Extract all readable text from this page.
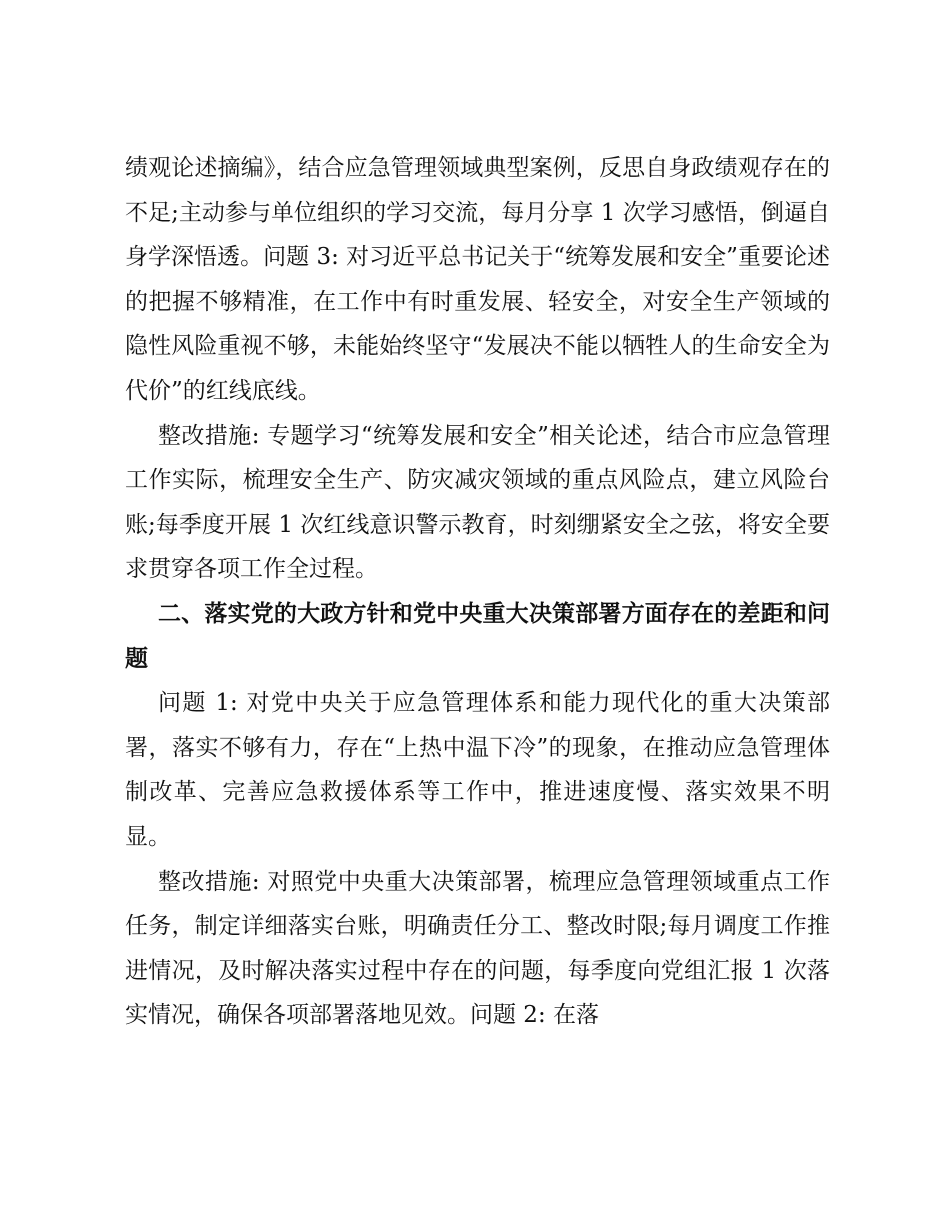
绩观论述摘编》，结合应急管理领域典型案例，反思自身政绩观存在的不足;主动参与单位组织的学习交流，每月分享 1 次学习感悟，倒逼自身学深悟透。问题 3: 对习近平总书记关于“统筹发展和安全”重要论述的把握不够精准，在工作中有时重发展、轻安全，对安全生产领域的隐性风险重视不够，未能始终坚守“发展决不能以牺牲人的生命安全为代价”的红线底线。

整改措施: 专题学习“统筹发展和安全”相关论述，结合市应急管理工作实际，梳理安全生产、防灾减灾领域的重点风险点，建立风险台账;每季度开展 1 次红线意识警示教育，时刻绷紧安全之弦，将安全要求贯穿各项工作全过程。

二、落实党的大政方针和党中央重大决策部署方面存在的差距和问题

问题 1: 对党中央关于应急管理体系和能力现代化的重大决策部署，落实不够有力，存在“上热中温下冷”的现象，在推动应急管理体制改革、完善应急救援体系等工作中，推进速度慢、落实效果不明显。

整改措施: 对照党中央重大决策部署，梳理应急管理领域重点工作任务，制定详细落实台账，明确责任分工、整改时限;每月调度工作推进情况，及时解决落实过程中存在的问题，每季度向党组汇报 1 次落实情况，确保各项部署落地见效。问题 2: 在落
